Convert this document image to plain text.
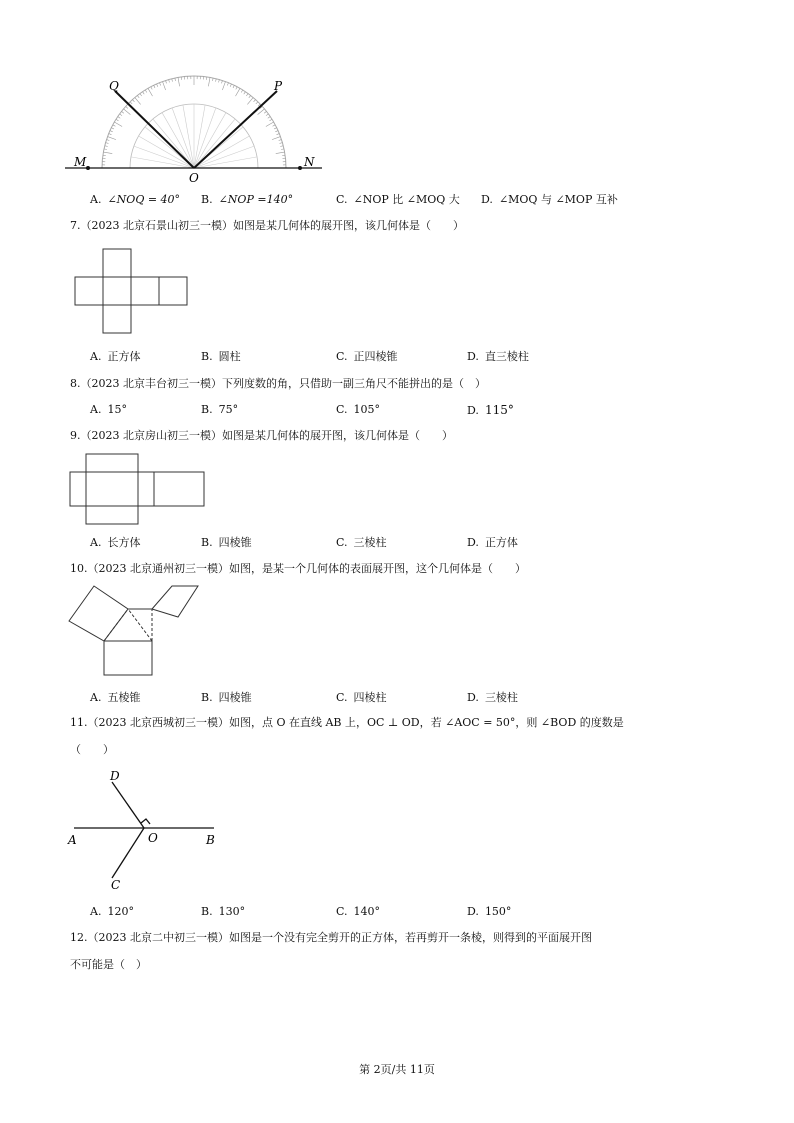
Q	P
M	N
O
A. ∠NOQ = 40° B. ∠NOP =140°	C. ∠NOP 比 ∠MOQ 大 D. ∠MOQ 与 ∠MOP 互补
7.（2023 北京石景山初三一模）如图是某几何体的展开图，该几何体是（　　）
A. 正方体	B. 圆柱	C. 正四棱锥	D. 直三棱柱
8.（2023 北京丰台初三一模）下列度数的角，只借助一副三角尺不能拼出的是（　）
A. 15°	B. 75°	C. 105°	D. 115°
9.（2023 北京房山初三一模）如图是某几何体的展开图，该几何体是（　　）
A. 长方体	B. 四棱锥	C. 三棱柱	D. 正方体
10.（2023 北京通州初三一模）如图，是某一个几何体的表面展开图，这个几何体是（　　）
A. 五棱锥	B. 四棱锥	C. 四棱柱	D. 三棱柱
11.（2023 北京西城初三一模）如图，点 O 在直线 AB 上，OC ⊥ OD，若 ∠AOC = 50°，则 ∠BOD 的度数是
（　　）
D
A	O	B
C
A. 120°	B. 130°	C. 140°	D. 150°
12.（2023 北京二中初三一模）如图是一个没有完全剪开的正方体，若再剪开一条棱，则得到的平面展开图
不可能是（　）
第 2页/共 11页
